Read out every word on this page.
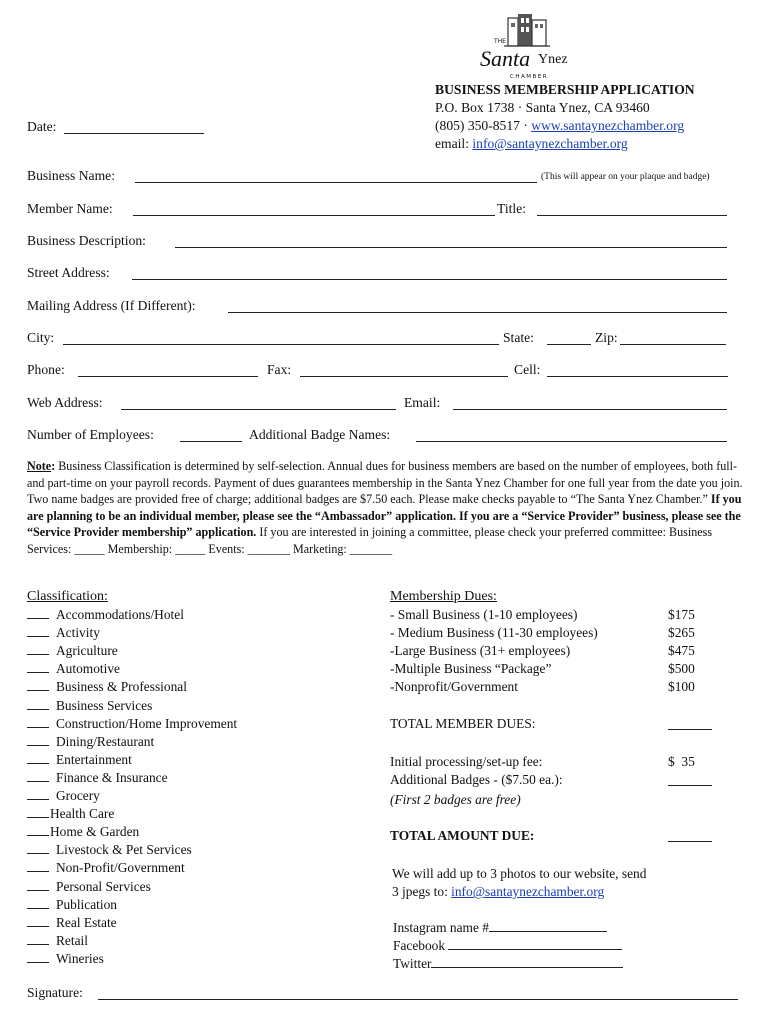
THE
Santa Ynez
CHAMBER
BUSINESS MEMBERSHIP APPLICATION
P.O. Box 1738 · Santa Ynez, CA 93460
(805) 350-8517 · www.santaynezchamber.org
email: info@santaynezchamber.org
Date:
Business Name:	(This will appear on your plaque and badge)
Member Name:	Title:
Business Description:
Street Address:
Mailing Address (If Different):
City:	State:	Zip:
Phone:	Fax:	Cell:
Web Address:	Email:
Number of Employees:	Additional Badge Names:
Note: Business Classification is determined by self-selection. Annual dues for business members are based on the number of employees, both full- and part-time on your payroll records. Payment of dues guarantees membership in the Santa Ynez Chamber for one full year from the date you join. Two name badges are provided free of charge; additional badges are $7.50 each. Please make checks payable to “The Santa Ynez Chamber.” If you are planning to be an individual member, please see the “Ambassador” application. If you are a “Service Provider” business, please see the “Service Provider membership” application. If you are interested in joining a committee, please check your preferred committee: Business Services: _____ Membership: _____ Events: _______ Marketing: _______
Classification:
Accommodations/Hotel
Activity
Agriculture
Automotive
Business & Professional
Business Services
Construction/Home Improvement
Dining/Restaurant
Entertainment
Finance & Insurance
Grocery
Health Care
Home & Garden
Livestock & Pet Services
Non-Profit/Government
Personal Services
Publication
Real Estate
Retail
Wineries
Membership Dues:
- Small Business (1-10 employees)	$175
- Medium Business (11-30 employees)	$265
-Large Business (31+ employees)	$475
-Multiple Business “Package”	$500
-Nonprofit/Government	$100
TOTAL MEMBER DUES:
Initial processing/set-up fee:	$  35
Additional Badges - ($7.50 ea.):
(First 2 badges are free)
TOTAL AMOUNT DUE:
We will add up to 3 photos to our website, send
3 jpegs to: info@santaynezchamber.org
Instagram name #
Facebook
Twitter
Signature:
